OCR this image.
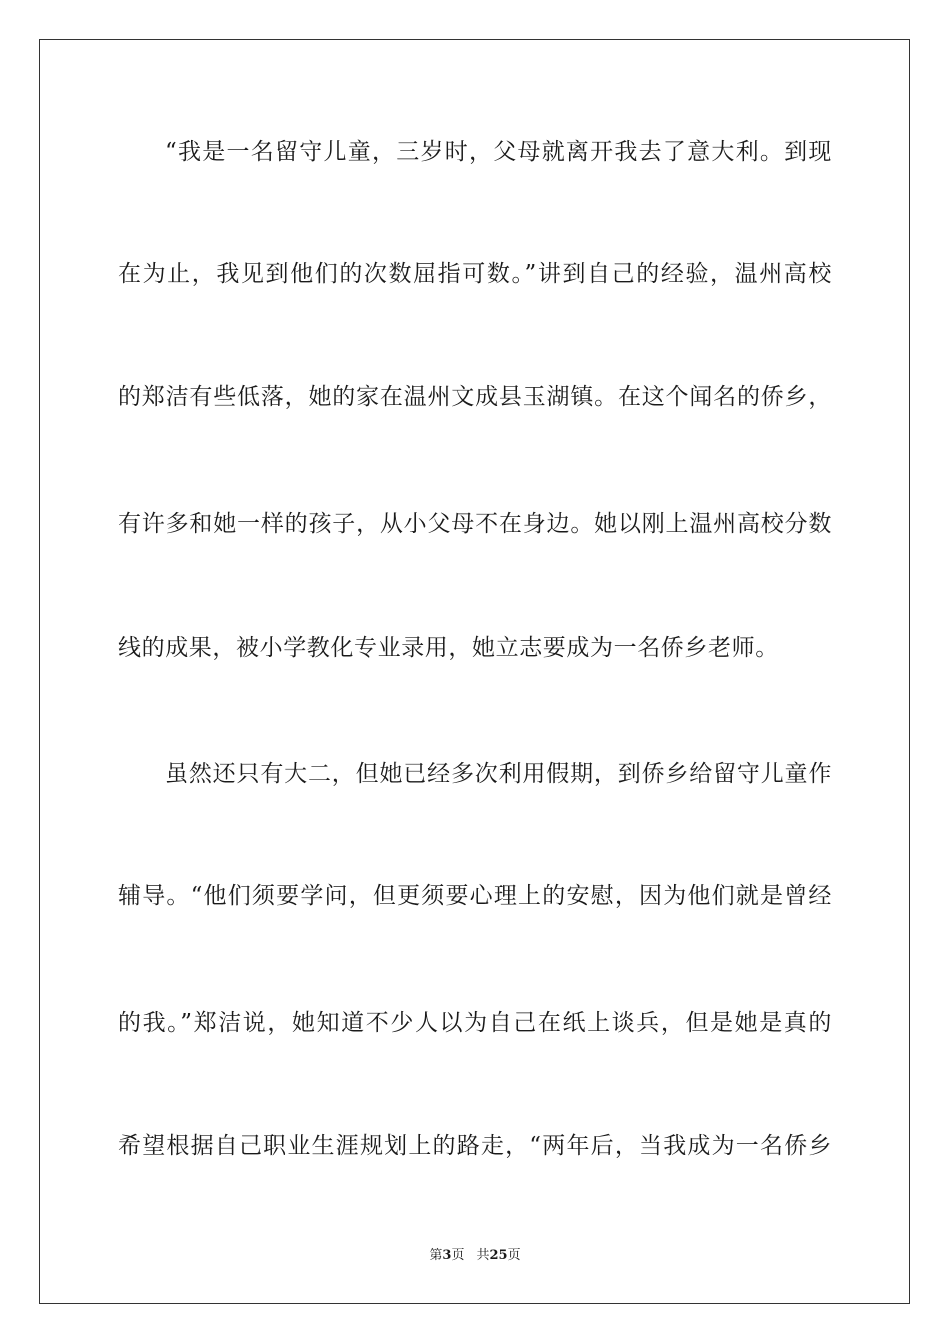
“我是一名留守儿童，三岁时，父母就离开我去了意大利。到现
在为止，我见到他们的次数屈指可数。”讲到自己的经验，温州高校
的郑洁有些低落，她的家在温州文成县玉湖镇。在这个闻名的侨乡，
有许多和她一样的孩子，从小父母不在身边。她以刚上温州高校分数
线的成果，被小学教化专业录用，她立志要成为一名侨乡老师。
虽然还只有大二，但她已经多次利用假期，到侨乡给留守儿童作
辅导。“他们须要学问，但更须要心理上的安慰，因为他们就是曾经
的我。”郑洁说，她知道不少人以为自己在纸上谈兵，但是她是真的
希望根据自己职业生涯规划上的路走，“两年后，当我成为一名侨乡
第3页 共25页
